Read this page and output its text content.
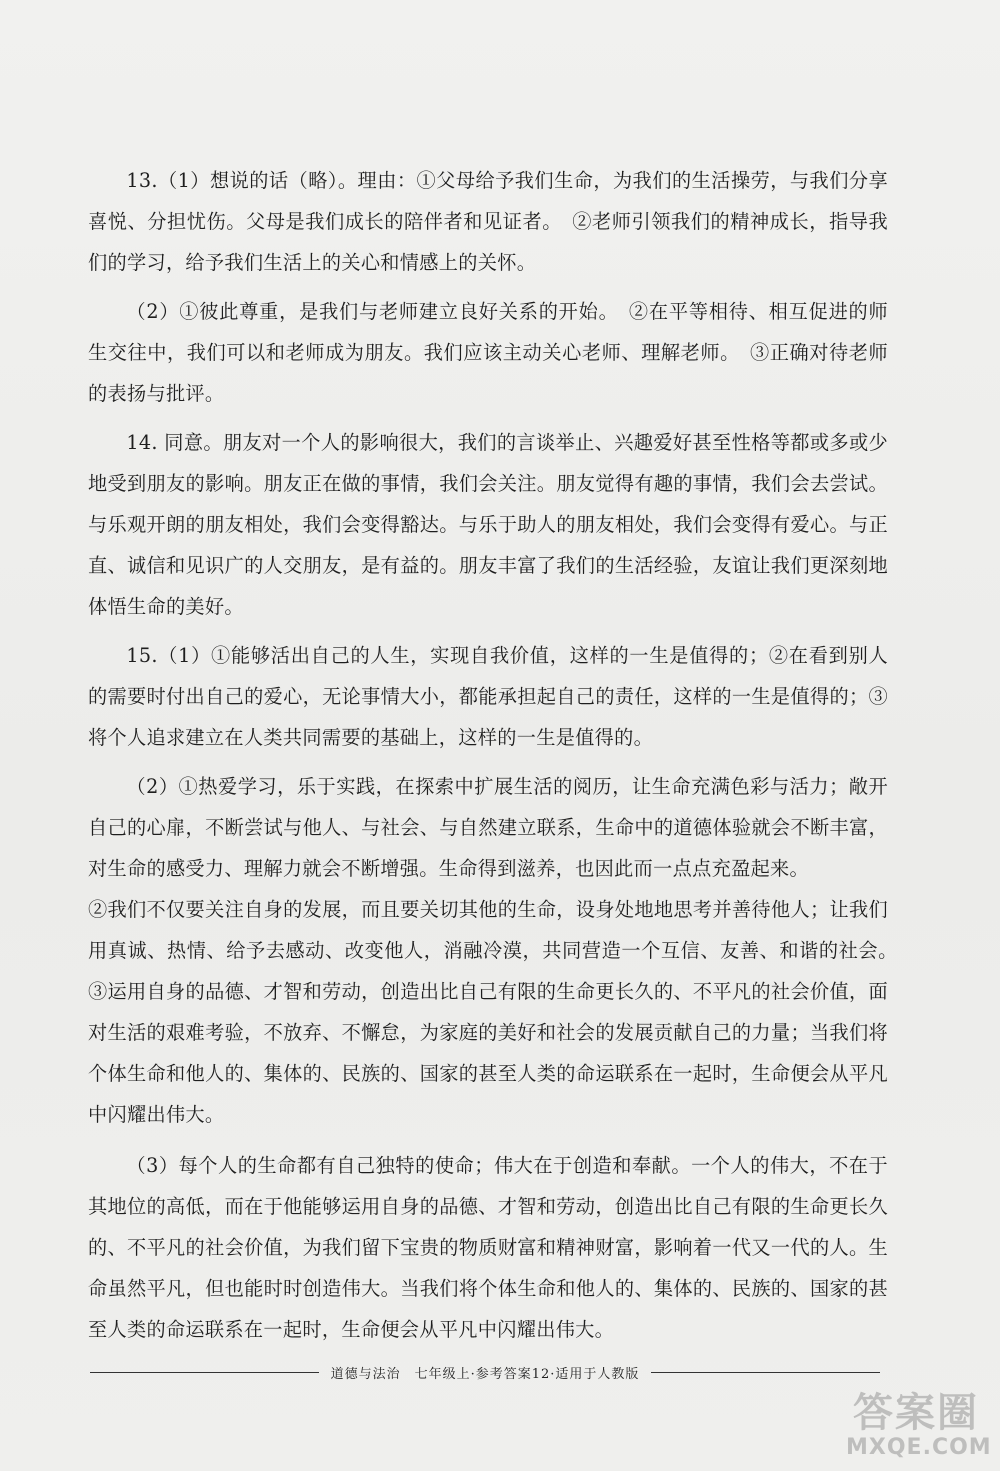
13.（1）想说的话（略）。理由：①父母给予我们生命，为我们的生活操劳，与我们分享喜悦、分担忧伤。父母是我们成长的陪伴者和见证者。　②老师引领我们的精神成长，指导我们的学习，给予我们生活上的关心和情感上的关怀。

（2）①彼此尊重，是我们与老师建立良好关系的开始。　②在平等相待、相互促进的师生交往中，我们可以和老师成为朋友。我们应该主动关心老师、理解老师。　③正确对待老师的表扬与批评。

14. 同意。朋友对一个人的影响很大，我们的言谈举止、兴趣爱好甚至性格等都或多或少地受到朋友的影响。朋友正在做的事情，我们会关注。朋友觉得有趣的事情，我们会去尝试。与乐观开朗的朋友相处，我们会变得豁达。与乐于助人的朋友相处，我们会变得有爱心。与正直、诚信和见识广的人交朋友，是有益的。朋友丰富了我们的生活经验，友谊让我们更深刻地体悟生命的美好。

15.（1）①能够活出自己的人生，实现自我价值，这样的一生是值得的；②在看到别人的需要时付出自己的爱心，无论事情大小，都能承担起自己的责任，这样的一生是值得的；③将个人追求建立在人类共同需要的基础上，这样的一生是值得的。

（2）①热爱学习，乐于实践，在探索中扩展生活的阅历，让生命充满色彩与活力；敞开自己的心扉，不断尝试与他人、与社会、与自然建立联系，生命中的道德体验就会不断丰富，对生命的感受力、理解力就会不断增强。生命得到滋养，也因此而一点点充盈起来。

②我们不仅要关注自身的发展，而且要关切其他的生命，设身处地地思考并善待他人；让我们用真诚、热情、给予去感动、改变他人，消融冷漠，共同营造一个互信、友善、和谐的社会。　③运用自身的品德、才智和劳动，创造出比自己有限的生命更长久的、不平凡的社会价值，面对生活的艰难考验，不放弃、不懈怠，为家庭的美好和社会的发展贡献自己的力量；当我们将个体生命和他人的、集体的、民族的、国家的甚至人类的命运联系在一起时，生命便会从平凡中闪耀出伟大。

（3）每个人的生命都有自己独特的使命；伟大在于创造和奉献。一个人的伟大，不在于其地位的高低，而在于他能够运用自身的品德、才智和劳动，创造出比自己有限的生命更长久的、不平凡的社会价值，为我们留下宝贵的物质财富和精神财富，影响着一代又一代的人。生命虽然平凡，但也能时时创造伟大。当我们将个体生命和他人的、集体的、民族的、国家的甚至人类的命运联系在一起时，生命便会从平凡中闪耀出伟大。

道德与法治　七年级上·参考答案12·适用于人教版
答案圈
MXQE.COM
